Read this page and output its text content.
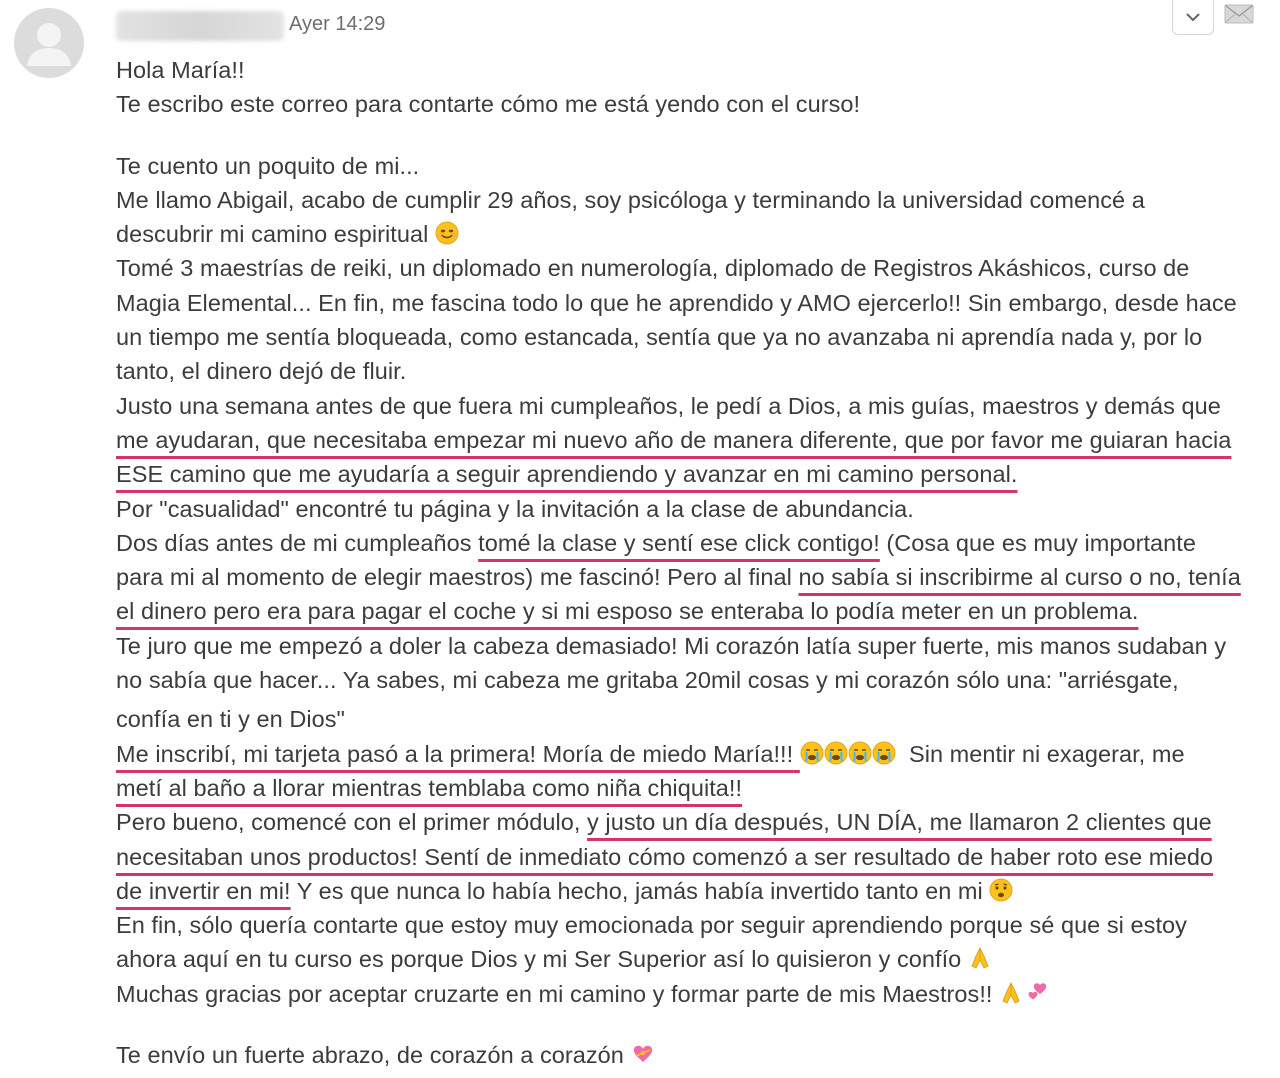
Ayer 14:29
Hola María!!
Te escribo este correo para contarte cómo me está yendo con el curso!
Te cuento un poquito de mi...
Me llamo Abigail, acabo de cumplir 29 años, soy psicóloga y terminando la universidad comencé a
descubrir mi camino espiritual
Tomé 3 maestrías de reiki, un diplomado en numerología, diplomado de Registros Akáshicos, curso de
Magia Elemental... En fin, me fascina todo lo que he aprendido y AMO ejercerlo!! Sin embargo, desde hace
un tiempo me sentía bloqueada, como estancada, sentía que ya no avanzaba ni aprendía nada y, por lo
tanto, el dinero dejó de fluir.
Justo una semana antes de que fuera mi cumpleaños, le pedí a Dios, a mis guías, maestros y demás que
me ayudaran, que necesitaba empezar mi nuevo año de manera diferente, que por favor me guiaran hacia
ESE camino que me ayudaría a seguir aprendiendo y avanzar en mi camino personal.
Por "casualidad" encontré tu página y la invitación a la clase de abundancia.
Dos días antes de mi cumpleaños tomé la clase y sentí ese click contigo! (Cosa que es muy importante
para mi al momento de elegir maestros) me fascinó! Pero al final no sabía si inscribirme al curso o no, tenía
el dinero pero era para pagar el coche y si mi esposo se enteraba lo podía meter en un problema.
Te juro que me empezó a doler la cabeza demasiado! Mi corazón latía super fuerte, mis manos sudaban y
no sabía que hacer... Ya sabes, mi cabeza me gritaba 20mil cosas y mi corazón sólo una: "arriésgate,
confía en ti y en Dios"
Me inscribí, mi tarjeta pasó a la primera! Moría de miedo María!!!	Sin mentir ni exagerar, me
metí al baño a llorar mientras temblaba como niña chiquita!!
Pero bueno, comencé con el primer módulo, y justo un día después, UN DÍA, me llamaron 2 clientes que
necesitaban unos productos! Sentí de inmediato cómo comenzó a ser resultado de haber roto ese miedo
de invertir en mi! Y es que nunca lo había hecho, jamás había invertido tanto en mi
En fin, sólo quería contarte que estoy muy emocionada por seguir aprendiendo porque sé que si estoy
ahora aquí en tu curso es porque Dios y mi Ser Superior así lo quisieron y confío
Muchas gracias por aceptar cruzarte en mi camino y formar parte de mis Maestros!!
Te envío un fuerte abrazo, de corazón a corazón
